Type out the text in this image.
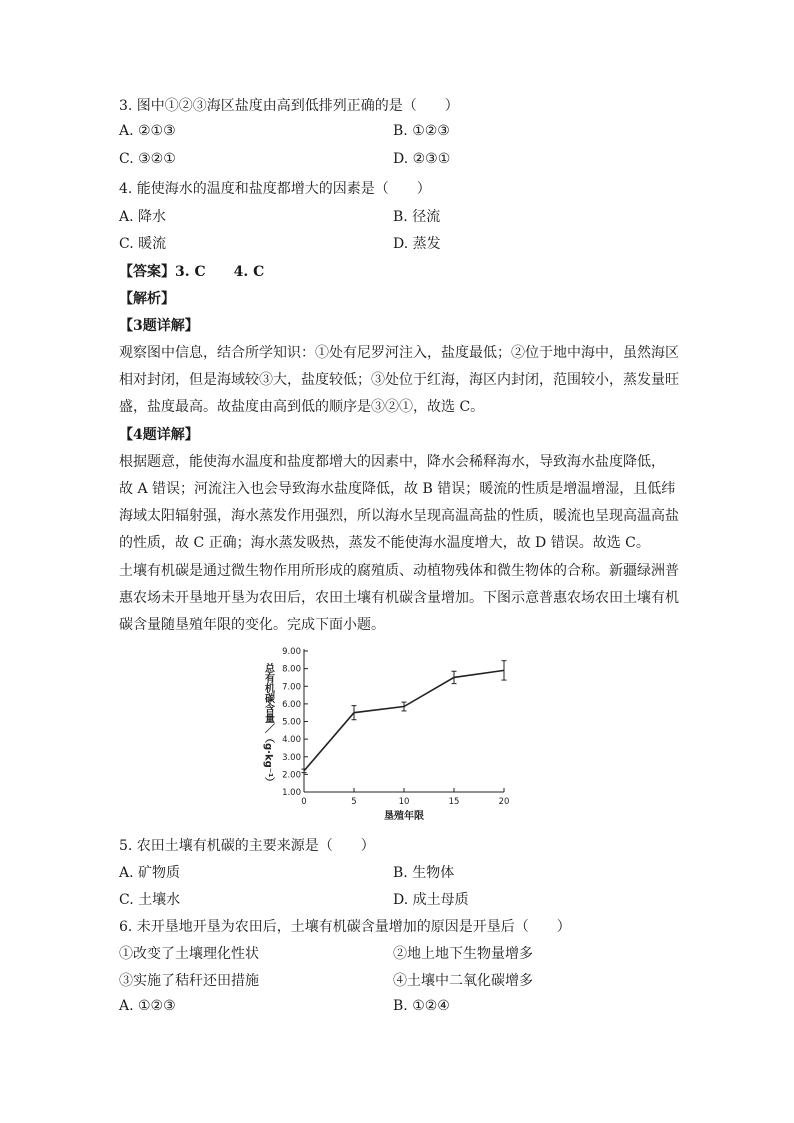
3. 图中①②③海区盐度由高到低排列正确的是（　　）
A. ②①③	B. ①②③
C. ③②①	D. ②③①
4. 能使海水的温度和盐度都增大的因素是（　　）
A. 降水	B. 径流
C. 暖流	D. 蒸发
【答案】3. C　　4. C
【解析】
【3题详解】
观察图中信息，结合所学知识：①处有尼罗河注入，盐度最低；②位于地中海中，虽然海区
相对封闭，但是海域较③大，盐度较低；③处位于红海，海区内封闭，范围较小，蒸发量旺
盛，盐度最高。故盐度由高到低的顺序是③②①，故选 C。
【4题详解】
根据题意，能使海水温度和盐度都增大的因素中，降水会稀释海水，导致海水盐度降低，
故 A 错误；河流注入也会导致海水盐度降低，故 B 错误；暖流的性质是增温增湿，且低纬
海域太阳辐射强，海水蒸发作用强烈，所以海水呈现高温高盐的性质，暖流也呈现高温高盐
的性质，故 C 正确；海水蒸发吸热，蒸发不能使海水温度增大，故 D 错误。故选 C。
土壤有机碳是通过微生物作用所形成的腐殖质、动植物残体和微生物体的合称。新疆绿洲普
惠农场未开垦地开垦为农田后，农田土壤有机碳含量增加。下图示意普惠农场农田土壤有机
碳含量随垦殖年限的变化。完成下面小题。
1.00
2.00
3.00
4.00
5.00
6.00
7.00
8.00
9.00
0	5	10	15	20
垦殖年限
总有机碳含量／（g·kg⁻¹）
5. 农田土壤有机碳的主要来源是（　　）
A. 矿物质	B. 生物体
C. 土壤水	D. 成土母质
6. 未开垦地开垦为农田后，土壤有机碳含量增加的原因是开垦后（　　）
①改变了土壤理化性状	②地上地下生物量增多
③实施了秸秆还田措施	④土壤中二氧化碳增多
A. ①②③	B. ①②④
